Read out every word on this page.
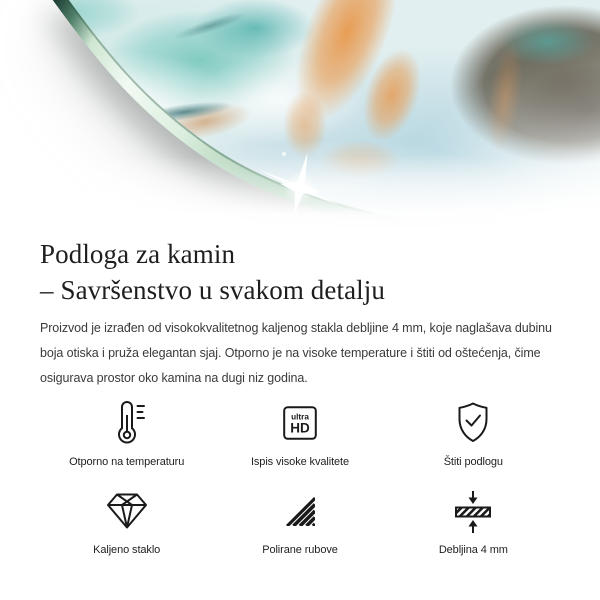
Podloga za kamin
– Savršenstvo u svakom detalju

Proizvod je izrađen od visokokvalitetnog kaljenog stakla debljine 4 mm, koje naglašava dubinu
boja otiska i pruža elegantan sjaj. Otporno je na visoke temperature i štiti od oštećenja, čime
osigurava prostor oko kamina na dugi niz godina.

Otporno na temperaturu
ultra
HD
Ispis visoke kvalitete	Štiti podlogu
Kaljeno staklo	Polirane rubove	Debljina 4 mm
